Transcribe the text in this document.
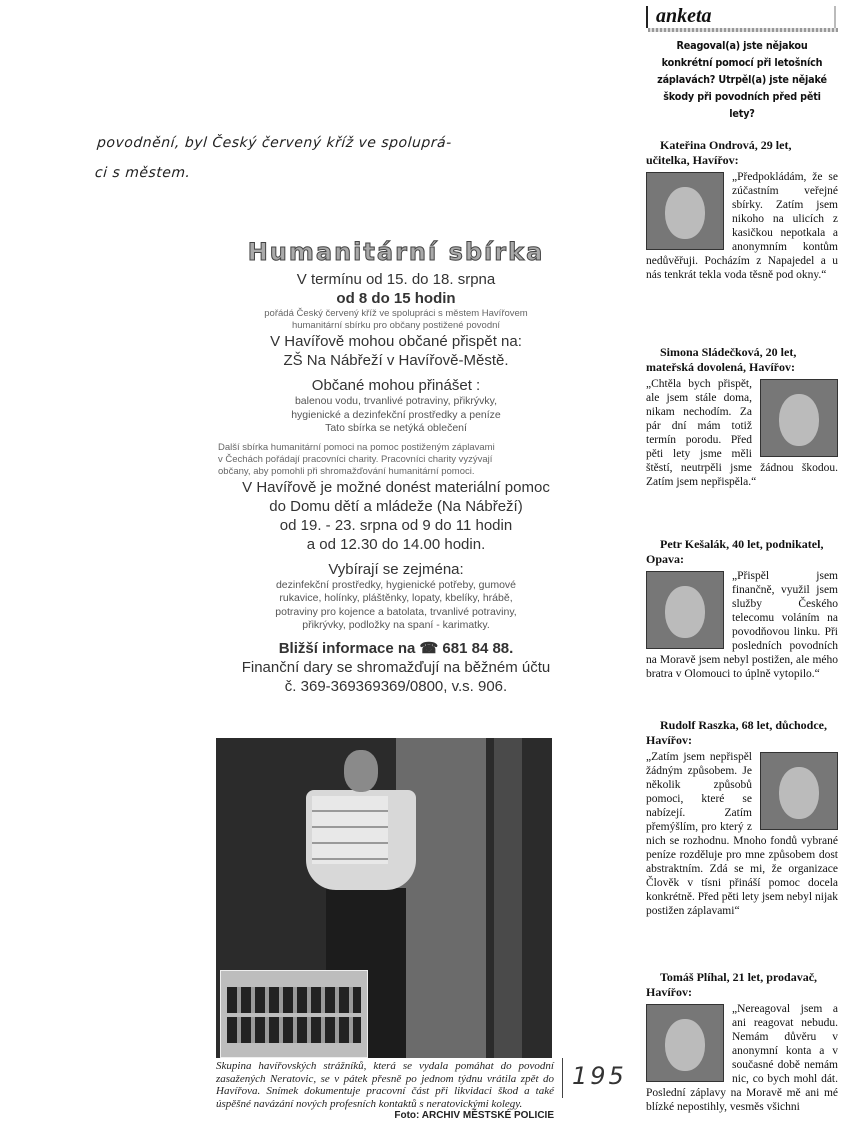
povodnění, byl Český červený kříž ve spoluprá-
ci s městem.
Humanitární sbírka
V termínu od 15. do 18. srpna
od 8 do 15 hodin
pořádá Český červený kříž ve spolupráci s městem Havířovem
humanitární sbírku pro občany postižené povodní
V Havířově mohou občané přispět na:
ZŠ Na Nábřeží v Havířově-Městě.
Občané mohou přinášet :
balenou vodu, trvanlivé potraviny, přikrývky,
hygienické a dezinfekční prostředky a peníze
Tato sbírka se netýká oblečení
Další sbírka humanitární pomoci na pomoc postiženým záplavami
v Čechách pořádají pracovníci charity. Pracovníci charity vyzývají
občany, aby pomohli při shromažďování humanitární pomoci.
V Havířově je možné donést materiální pomoc
do Domu dětí a mládeže (Na Nábřeží)
od 19. - 23. srpna od 9 do 11 hodin
a od 12.30 do 14.00 hodin.
Vybírají se zejména:
dezinfekční prostředky, hygienické potřeby, gumové
rukavice, holínky, pláštěnky, lopaty, kbelíky, hrábě,
potraviny pro kojence a batolata, trvanlivé potraviny,
přikrývky, podložky na spaní - karimatky.
Bližší informace na ☎ 681 84 88.
Finanční dary se shromažďují na běžném účtu
č. 369-369369369/0800, v.s. 906.
Skupina havířovských strážníků, která se vydala pomáhat do povodní zasažených Neratovic, se v pátek přesně po jednom týdnu vrátila zpět do Havířova. Snímek dokumentuje pracovní část při likvidaci škod a také úspěšné navázání nových profesních kontaktů s neratovickými kolegy.
Foto: ARCHIV MĚSTSKÉ POLICIE
195
anketa
Reagoval(a) jste nějakou konkrétní pomocí při letošních záplavách? Utrpěl(a) jste nějaké škody při povodních před pěti lety?
Kateřina Ondrová, 29 let, učitelka, Havířov:
„Předpokládám, že se zúčastním veřejné sbírky. Zatím jsem nikoho na ulicích z kasičkou nepotkala a anonymním kontům nedůvěřuji. Pocházím z Napajedel a u nás tenkrát tekla voda těsně pod okny.“
Simona Sládečková, 20 let, mateřská dovolená, Havířov:
„Chtěla bych přispět, ale jsem stále doma, nikam nechodím. Za pár dní mám totiž termín porodu. Před pěti lety jsme měli štěstí, neutrpěli jsme žádnou škodou. Zatím jsem nepřispěla.“
Petr Kešalák, 40 let, podnikatel, Opava:
„Přispěl jsem finančně, využil jsem služby Českého telecomu voláním na povodňovou linku. Při posledních povodních na Moravě jsem nebyl postižen, ale mého bratra v Olomouci to úplně vytopilo.“
Rudolf Raszka, 68 let, důchodce, Havířov:
„Zatím jsem nepřispěl žádným způsobem. Je několik způsobů pomoci, které se nabízejí. Zatím přemýšlím, pro který z nich se rozhodnu. Mnoho fondů vybrané peníze rozděluje pro mne způsobem dost abstraktním. Zdá se mi, že organizace Člověk v tísni přináší pomoc docela konkrétně. Před pěti lety jsem nebyl nijak postižen záplavami“
Tomáš Plíhal, 21 let, prodavač, Havířov:
„Nereagoval jsem a ani reagovat nebudu. Nemám důvěru v anonymní konta a v současné době nemám nic, co bych mohl dát. Poslední záplavy na Moravě mě ani mé blízké nepostihly, vesměs všichni
